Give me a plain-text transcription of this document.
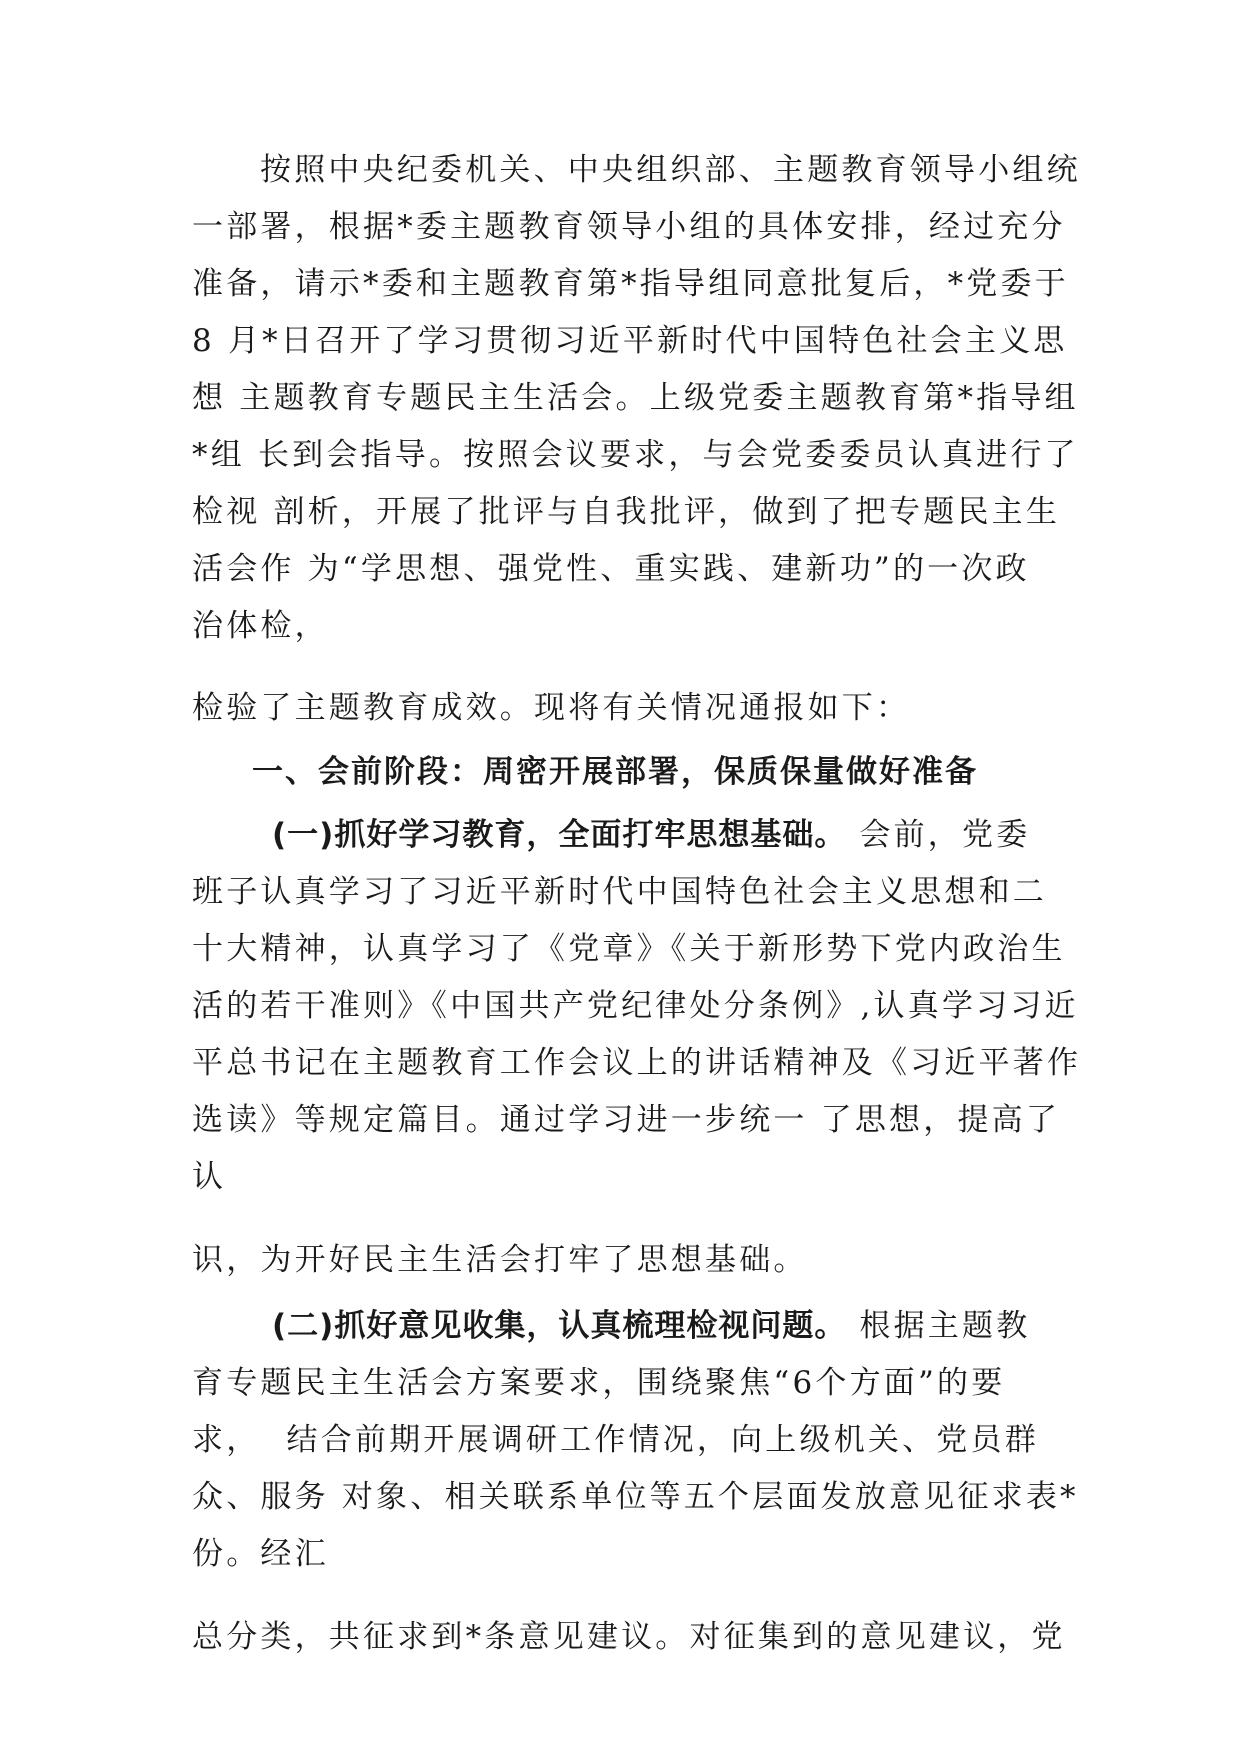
按照中央纪委机关、中央组织部、主题教育领导小组统
一部署，根据*委主题教育领导小组的具体安排，经过充分
准备，请示*委和主题教育第*指导组同意批复后，*党委于
8 月*日召开了学习贯彻习近平新时代中国特色社会主义思
想 主题教育专题民主生活会。上级党委主题教育第*指导组
*组 长到会指导。按照会议要求，与会党委委员认真进行了
检视 剖析，开展了批评与自我批评，做到了把专题民主生
活会作 为“学思想、强党性、重实践、建新功”的一次政
治体检，
检验了主题教育成效。现将有关情况通报如下：
一、会前阶段：周密开展部署，保质保量做好准备
(一)抓好学习教育，全面打牢思想基础。 会前，党委
班子认真学习了习近平新时代中国特色社会主义思想和二
十大精神，认真学习了《党章》《关于新形势下党内政治生
活的若干准则》《中国共产党纪律处分条例》,认真学习习近
平总书记在主题教育工作会议上的讲话精神及《习近平著作
选读》等规定篇目。通过学习进一步统一 了思想，提高了
认
识，为开好民主生活会打牢了思想基础。
(二)抓好意见收集，认真梳理检视问题。 根据主题教
育专题民主生活会方案要求，围绕聚焦“6个方面”的要
求，  结合前期开展调研工作情况，向上级机关、党员群
众、服务 对象、相关联系单位等五个层面发放意见征求表*
份。经汇
总分类，共征求到*条意见建议。对征集到的意见建议，党
